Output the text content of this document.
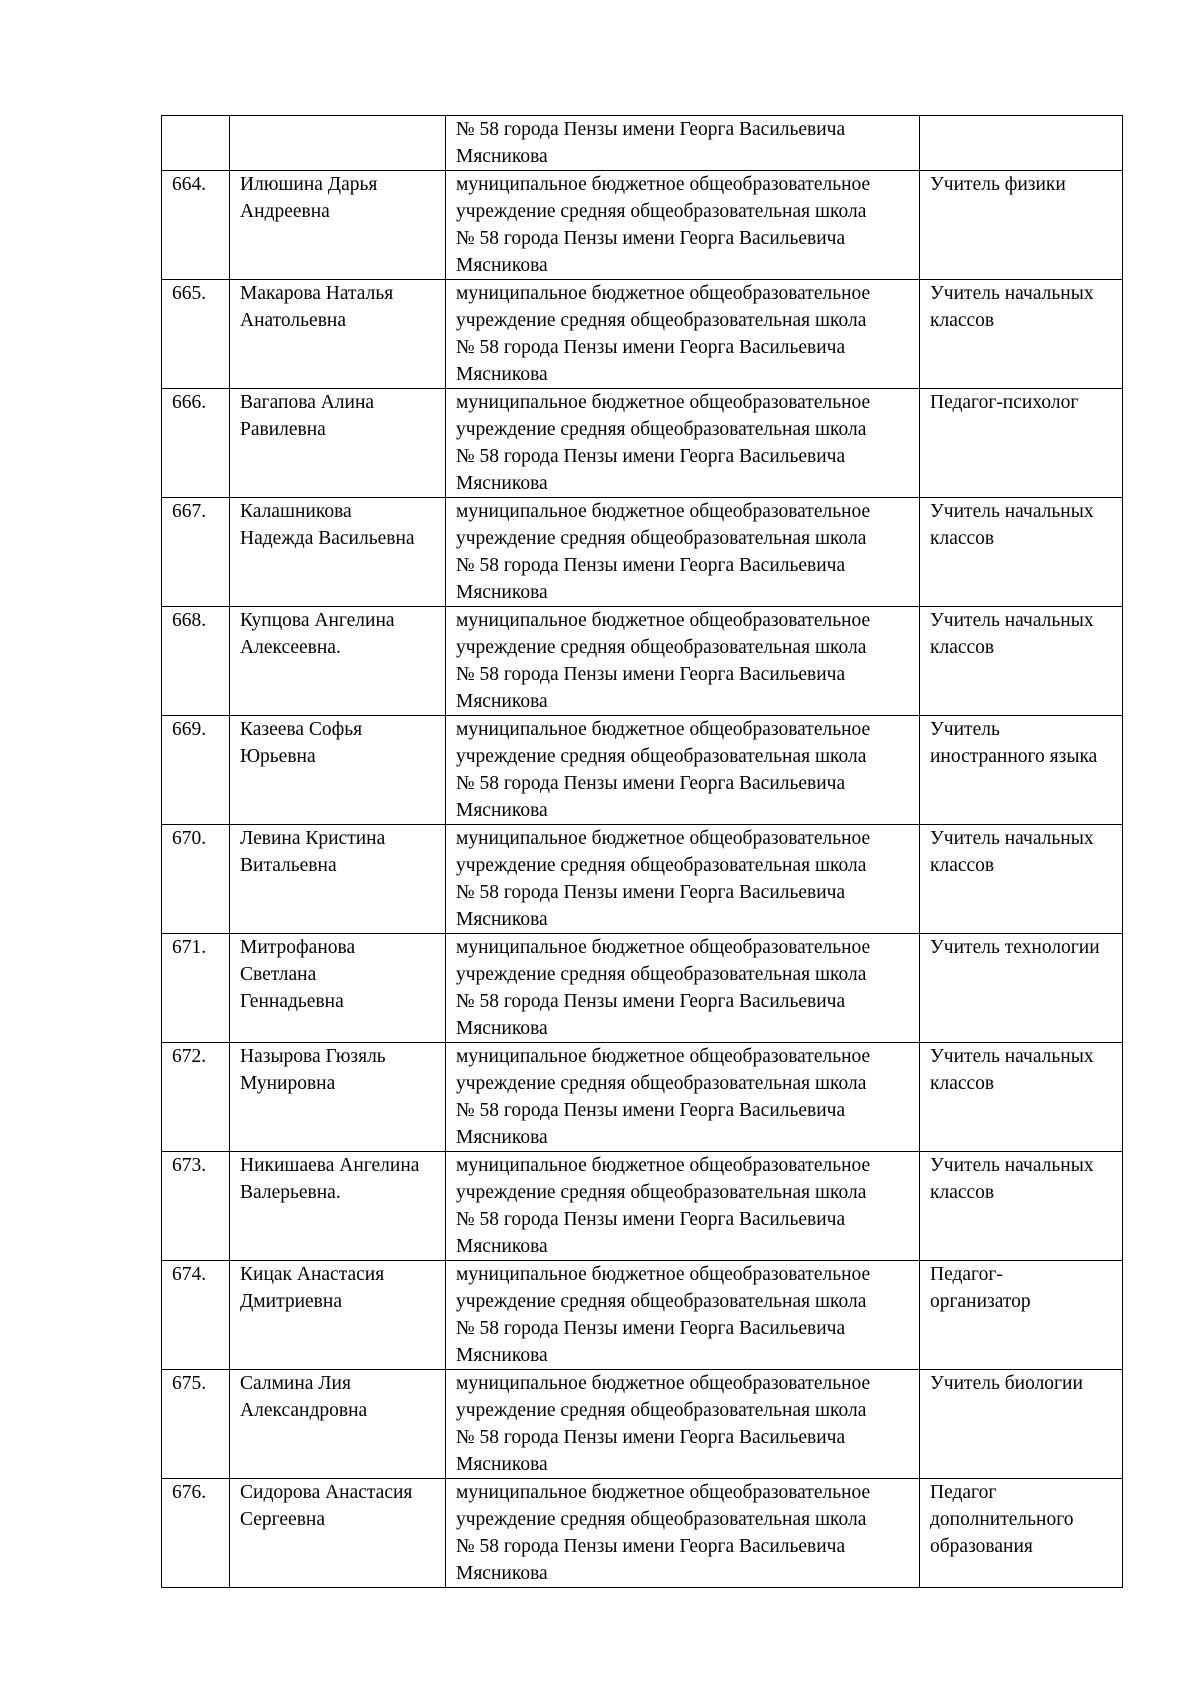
		№ 58 города Пензы имени Георга Васильевича
Мясникова	
664.	Илюшина Дарья
Андреевна	муниципальное бюджетное общеобразовательное
учреждение средняя общеобразовательная школа
№ 58 города Пензы имени Георга Васильевича
Мясникова	Учитель физики
665.	Макарова Наталья
Анатольевна	муниципальное бюджетное общеобразовательное
учреждение средняя общеобразовательная школа
№ 58 города Пензы имени Георга Васильевича
Мясникова	Учитель начальных
классов
666.	Вагапова Алина
Равилевна	муниципальное бюджетное общеобразовательное
учреждение средняя общеобразовательная школа
№ 58 города Пензы имени Георга Васильевича
Мясникова	Педагог-психолог
667.	Калашникова
Надежда Васильевна	муниципальное бюджетное общеобразовательное
учреждение средняя общеобразовательная школа
№ 58 города Пензы имени Георга Васильевича
Мясникова	Учитель начальных
классов
668.	Купцова Ангелина
Алексеевна.	муниципальное бюджетное общеобразовательное
учреждение средняя общеобразовательная школа
№ 58 города Пензы имени Георга Васильевича
Мясникова	Учитель начальных
классов
669.	Казеева Софья
Юрьевна	муниципальное бюджетное общеобразовательное
учреждение средняя общеобразовательная школа
№ 58 города Пензы имени Георга Васильевича
Мясникова	Учитель
иностранного языка
670.	Левина Кристина
Витальевна	муниципальное бюджетное общеобразовательное
учреждение средняя общеобразовательная школа
№ 58 города Пензы имени Георга Васильевича
Мясникова	Учитель начальных
классов
671.	Митрофанова
Светлана
Геннадьевна	муниципальное бюджетное общеобразовательное
учреждение средняя общеобразовательная школа
№ 58 города Пензы имени Георга Васильевича
Мясникова	Учитель технологии
672.	Назырова Гюзяль
Мунировна	муниципальное бюджетное общеобразовательное
учреждение средняя общеобразовательная школа
№ 58 города Пензы имени Георга Васильевича
Мясникова	Учитель начальных
классов
673.	Никишаева Ангелина
Валерьевна.	муниципальное бюджетное общеобразовательное
учреждение средняя общеобразовательная школа
№ 58 города Пензы имени Георга Васильевича
Мясникова	Учитель начальных
классов
674.	Кицак Анастасия
Дмитриевна	муниципальное бюджетное общеобразовательное
учреждение средняя общеобразовательная школа
№ 58 города Пензы имени Георга Васильевича
Мясникова	Педагог-
организатор
675.	Салмина Лия
Александровна	муниципальное бюджетное общеобразовательное
учреждение средняя общеобразовательная школа
№ 58 города Пензы имени Георга Васильевича
Мясникова	Учитель биологии
676.	Сидорова Анастасия
Сергеевна	муниципальное бюджетное общеобразовательное
учреждение средняя общеобразовательная школа
№ 58 города Пензы имени Георга Васильевича
Мясникова	Педагог
дополнительного
образования
